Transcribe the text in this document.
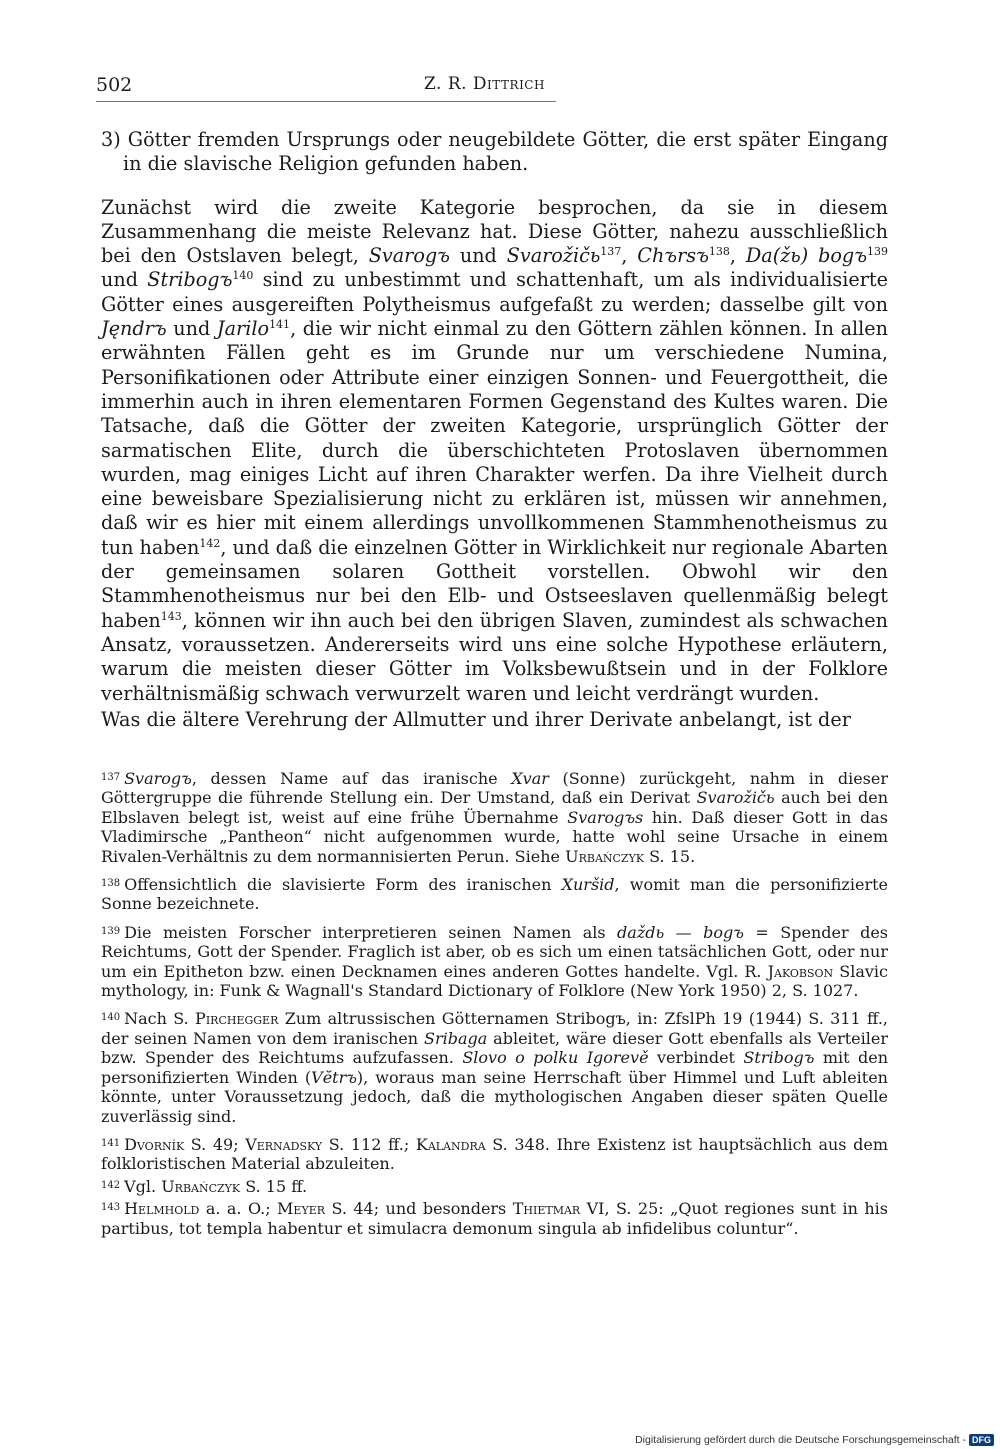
502	Z. R. Dittrich

3) Götter fremden Ursprungs oder neugebildete Götter, die erst später Eingang in die slavische Religion gefunden haben.

Zunächst wird die zweite Kategorie besprochen, da sie in diesem Zusammenhang die meiste Relevanz hat. Diese Götter, nahezu ausschließlich bei den Ostslaven belegt, Svarogъ und Svarožičь$^{137}$, Chъrsъ$^{138}$, Da(žь) bogъ$^{139}$ und Stribogъ$^{140}$ sind zu unbestimmt und schattenhaft, um als individualisierte Götter eines ausgereiften Polytheismus aufgefaßt zu werden; dasselbe gilt von Jęndrъ und Jarilo$^{141}$, die wir nicht einmal zu den Göttern zählen können. In allen erwähnten Fällen geht es im Grunde nur um verschiedene Numina, Personifikationen oder Attribute einer einzigen Sonnen- und Feuergottheit, die immerhin auch in ihren elementaren Formen Gegenstand des Kultes waren. Die Tatsache, daß die Götter der zweiten Kategorie, ursprünglich Götter der sarmatischen Elite, durch die überschichteten Protoslaven übernommen wurden, mag einiges Licht auf ihren Charakter werfen. Da ihre Vielheit durch eine beweisbare Spezialisierung nicht zu erklären ist, müssen wir annehmen, daß wir es hier mit einem allerdings unvollkommenen Stammhenotheismus zu tun haben$^{142}$, und daß die einzelnen Götter in Wirklichkeit nur regionale Abarten der gemeinsamen solaren Gottheit vorstellen. Obwohl wir den Stammhenotheismus nur bei den Elb- und Ostseeslaven quellenmäßig belegt haben$^{143}$, können wir ihn auch bei den übrigen Slaven, zumindest als schwachen Ansatz, voraussetzen. Andererseits wird uns eine solche Hypothese erläutern, warum die meisten dieser Götter im Volksbewußtsein und in der Folklore verhältnismäßig schwach verwurzelt waren und leicht verdrängt wurden.

Was die ältere Verehrung der Allmutter und ihrer Derivate anbelangt, ist der

$^{137}$ Svarogъ, dessen Name auf das iranische Xvar (Sonne) zurückgeht, nahm in dieser Göttergruppe die führende Stellung ein. Der Umstand, daß ein Derivat Svarožičь auch bei den Elbslaven belegt ist, weist auf eine frühe Übernahme Svarogъs hin. Daß dieser Gott in das Vladimirsche „Pantheon“ nicht aufgenommen wurde, hatte wohl seine Ursache in einem Rivalen-Verhältnis zu dem normannisierten Perun. Siehe Urbańczyk S. 15.

$^{138}$ Offensichtlich die slavisierte Form des iranischen Xuršid, womit man die personifizierte Sonne bezeichnete.

$^{139}$ Die meisten Forscher interpretieren seinen Namen als daždь — bogъ = Spender des Reichtums, Gott der Spender. Fraglich ist aber, ob es sich um einen tatsächlichen Gott, oder nur um ein Epitheton bzw. einen Decknamen eines anderen Gottes handelte. Vgl. R. Jakobson Slavic mythology, in: Funk & Wagnall's Standard Dictionary of Folklore (New York 1950) 2, S. 1027.

$^{140}$ Nach S. Pirchegger Zum altrussischen Götternamen Stribogъ, in: ZfslPh 19 (1944) S. 311 ff., der seinen Namen von dem iranischen Sribaga ableitet, wäre dieser Gott ebenfalls als Verteiler bzw. Spender des Reichtums aufzufassen. Slovo o polku Igorevě verbindet Stribogъ mit den personifizierten Winden (Vĕtrъ), woraus man seine Herrschaft über Himmel und Luft ableiten könnte, unter Voraussetzung jedoch, daß die mythologischen Angaben dieser späten Quelle zuverlässig sind.

$^{141}$ Dvorník S. 49; Vernadsky S. 112 ff.; Kalandra S. 348. Ihre Existenz ist hauptsächlich aus dem folkloristischen Material abzuleiten.

$^{142}$ Vgl. Urbańczyk S. 15 ff.

$^{143}$ Helmhold a. a. O.; Meyer S. 44; und besonders Thietmar VI, S. 25: „Quot regiones sunt in his partibus, tot templa habentur et simulacra demonum singula ab infidelibus coluntur“.

Digitalisierung gefördert durch die Deutsche Forschungsgemeinschaft - DFG
